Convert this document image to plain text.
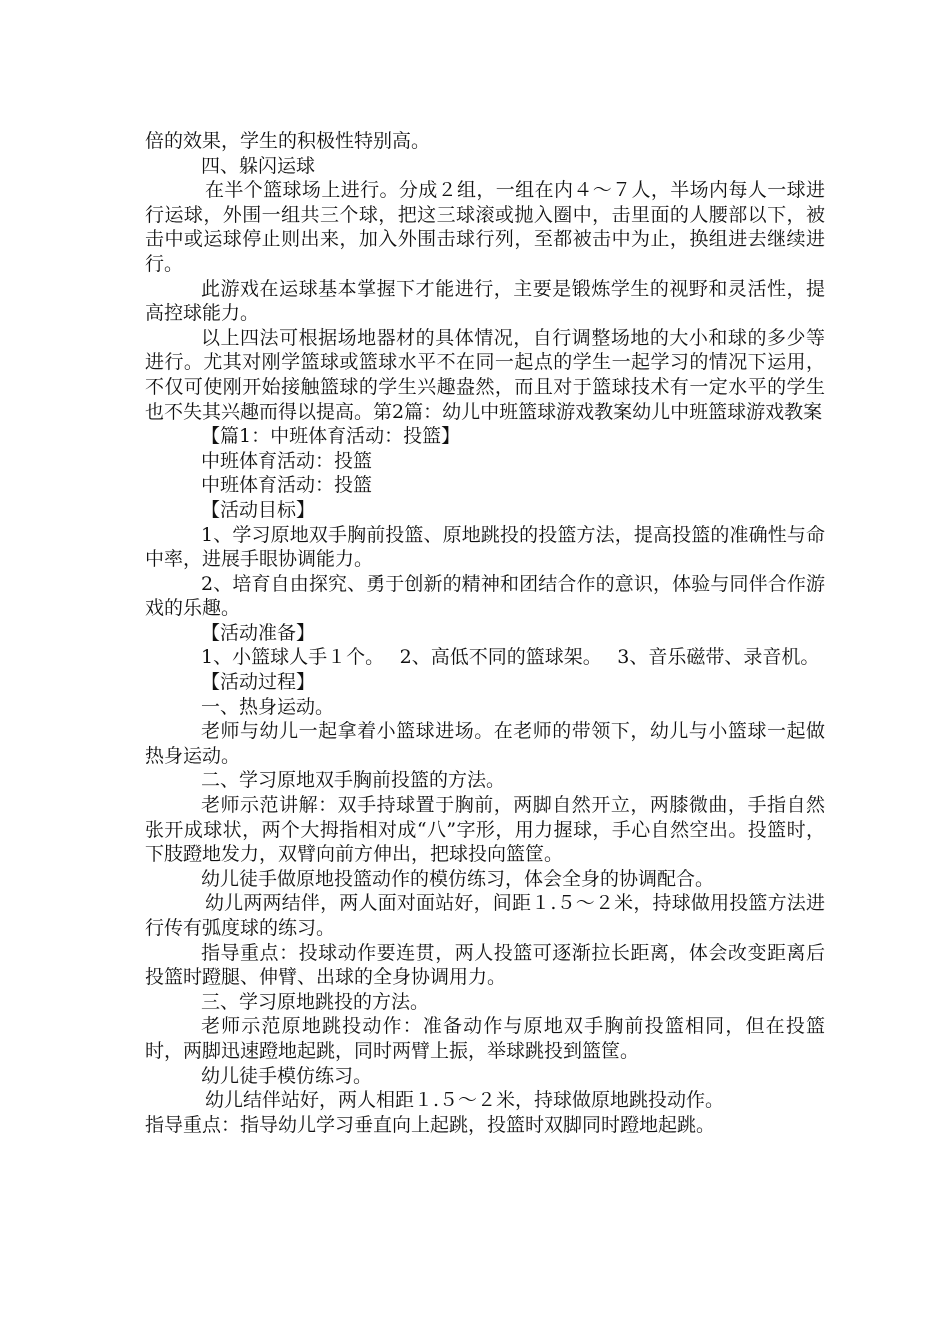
倍的效果，学生的积极性特别高。

四、躲闪运球

在半个篮球场上进行。分成２组，一组在内４～７人，半场内每人一球进行运球，外围一组共三个球，把这三球滚或抛入圈中，击里面的人腰部以下，被击中或运球停止则出来，加入外围击球行列，至都被击中为止，换组进去继续进行。

此游戏在运球基本掌握下才能进行，主要是锻炼学生的视野和灵活性，提高控球能力。

以上四法可根据场地器材的具体情况，自行调整场地的大小和球的多少等进行。尤其对刚学篮球或篮球水平不在同一起点的学生一起学习的情况下运用，不仅可使刚开始接触篮球的学生兴趣盎然，而且对于篮球技术有一定水平的学生也不失其兴趣而得以提高。第2篇：幼儿中班篮球游戏教案幼儿中班篮球游戏教案

【篇1：中班体育活动：投篮】

中班体育活动：投篮

中班体育活动：投篮

【活动目标】

1、学习原地双手胸前投篮、原地跳投的投篮方法，提高投篮的准确性与命中率，进展手眼协调能力。

2、培育自由探究、勇于创新的精神和团结合作的意识，体验与同伴合作游戏的乐趣。

【活动准备】

1、小篮球人手１个。　 2、高低不同的篮球架。　 3、音乐磁带、录音机。

【活动过程】

一、热身运动。

老师与幼儿一起拿着小篮球进场。在老师的带领下，幼儿与小篮球一起做热身运动。

二、学习原地双手胸前投篮的方法。

老师示范讲解：双手持球置于胸前，两脚自然开立，两膝微曲，手指自然张开成球状，两个大拇指相对成“八”字形，用力握球，手心自然空出。投篮时，下肢蹬地发力，双臂向前方伸出，把球投向篮筐。

幼儿徒手做原地投篮动作的模仿练习，体会全身的协调配合。

幼儿两两结伴，两人面对面站好，间距１.５～２米，持球做用投篮方法进行传有弧度球的练习。

指导重点：投球动作要连贯，两人投篮可逐渐拉长距离，体会改变距离后投篮时蹬腿、伸臂、出球的全身协调用力。

三、学习原地跳投的方法。

老师示范原地跳投动作：准备动作与原地双手胸前投篮相同，但在投篮时，两脚迅速蹬地起跳，同时两臂上振，举球跳投到篮筐。

幼儿徒手模仿练习。

幼儿结伴站好，两人相距１.５～２米，持球做原地跳投动作。

指导重点：指导幼儿学习垂直向上起跳，投篮时双脚同时蹬地起跳。
